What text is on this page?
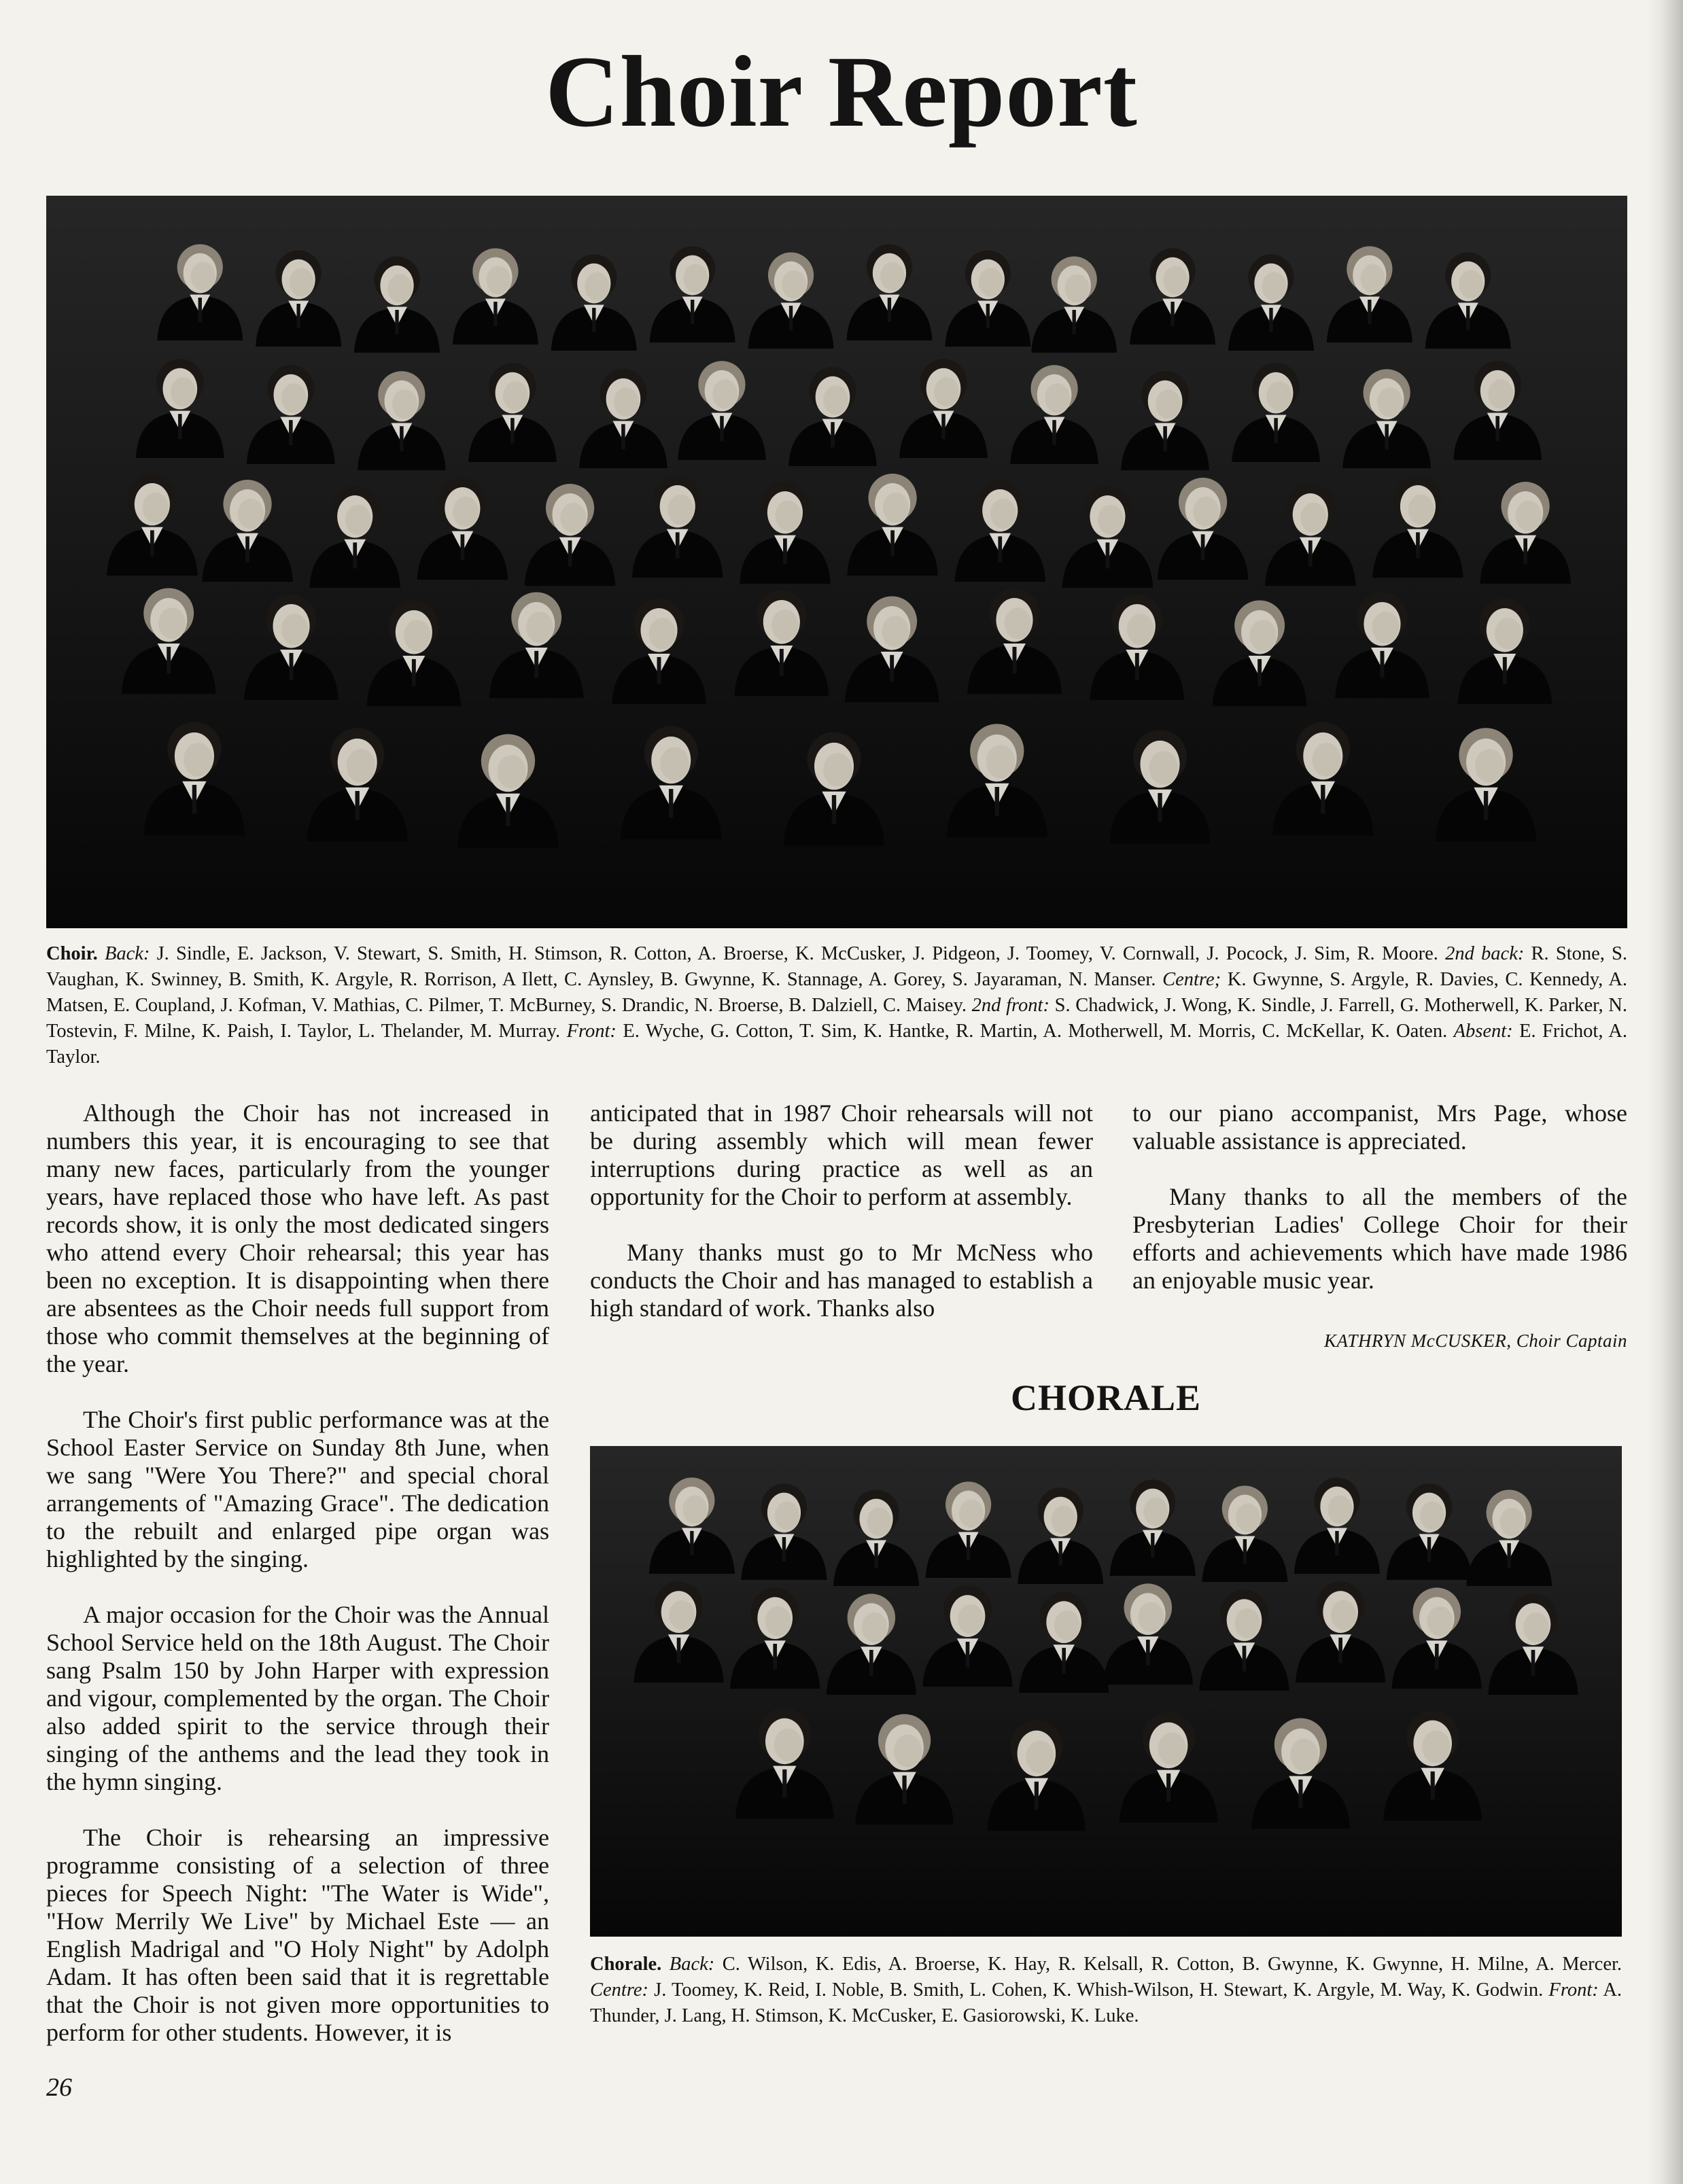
Choir Report
Choir. Back: J. Sindle, E. Jackson, V. Stewart, S. Smith, H. Stimson, R. Cotton, A. Broerse, K. McCusker, J. Pidgeon, J. Toomey, V. Cornwall, J. Pocock, J. Sim, R. Moore. 2nd back: R. Stone, S. Vaughan, K. Swinney, B. Smith, K. Argyle, R. Rorrison, A Ilett, C. Aynsley, B. Gwynne, K. Stannage, A. Gorey, S. Jayaraman, N. Manser. Centre; K. Gwynne, S. Argyle, R. Davies, C. Kennedy, A. Matsen, E. Coupland, J. Kofman, V. Mathias, C. Pilmer, T. McBurney, S. Drandic, N. Broerse, B. Dalziell, C. Maisey. 2nd front: S. Chadwick, J. Wong, K. Sindle, J. Farrell, G. Motherwell, K. Parker, N. Tostevin, F. Milne, K. Paish, I. Taylor, L. Thelander, M. Murray. Front: E. Wyche, G. Cotton, T. Sim, K. Hantke, R. Martin, A. Motherwell, M. Morris, C. McKellar, K. Oaten. Absent: E. Frichot, A. Taylor.

Although the Choir has not increased in numbers this year, it is encouraging to see that many new faces, particularly from the younger years, have replaced those who have left. As past records show, it is only the most dedicated singers who attend every Choir rehearsal; this year has been no exception. It is disappointing when there are absentees as the Choir needs full support from those who commit themselves at the beginning of the year.

The Choir's first public performance was at the School Easter Service on Sunday 8th June, when we sang "Were You There?" and special choral arrangements of "Amazing Grace". The dedication to the rebuilt and enlarged pipe organ was highlighted by the singing.

A major occasion for the Choir was the Annual School Service held on the 18th August. The Choir sang Psalm 150 by John Harper with expression and vigour, complemented by the organ. The Choir also added spirit to the service through their singing of the anthems and the lead they took in the hymn singing.

The Choir is rehearsing an impressive programme consisting of a selection of three pieces for Speech Night: "The Water is Wide", "How Merrily We Live" by Michael Este — an English Madrigal and "O Holy Night" by Adolph Adam. It has often been said that it is regrettable that the Choir is not given more opportunities to perform for other students. However, it is

anticipated that in 1987 Choir rehearsals will not be during assembly which will mean fewer interruptions during practice as well as an opportunity for the Choir to perform at assembly.

Many thanks must go to Mr McNess who conducts the Choir and has managed to establish a high standard of work. Thanks also

to our piano accompanist, Mrs Page, whose valuable assistance is appreciated.

Many thanks to all the members of the Presbyterian Ladies' College Choir for their efforts and achievements which have made 1986 an enjoyable music year.

KATHRYN McCUSKER, Choir Captain
CHORALE
Chorale. Back: C. Wilson, K. Edis, A. Broerse, K. Hay, R. Kelsall, R. Cotton, B. Gwynne, K. Gwynne, H. Milne, A. Mercer. Centre: J. Toomey, K. Reid, I. Noble, B. Smith, L. Cohen, K. Whish-Wilson, H. Stewart, K. Argyle, M. Way, K. Godwin. Front: A. Thunder, J. Lang, H. Stimson, K. McCusker, E. Gasiorowski, K. Luke.
26
